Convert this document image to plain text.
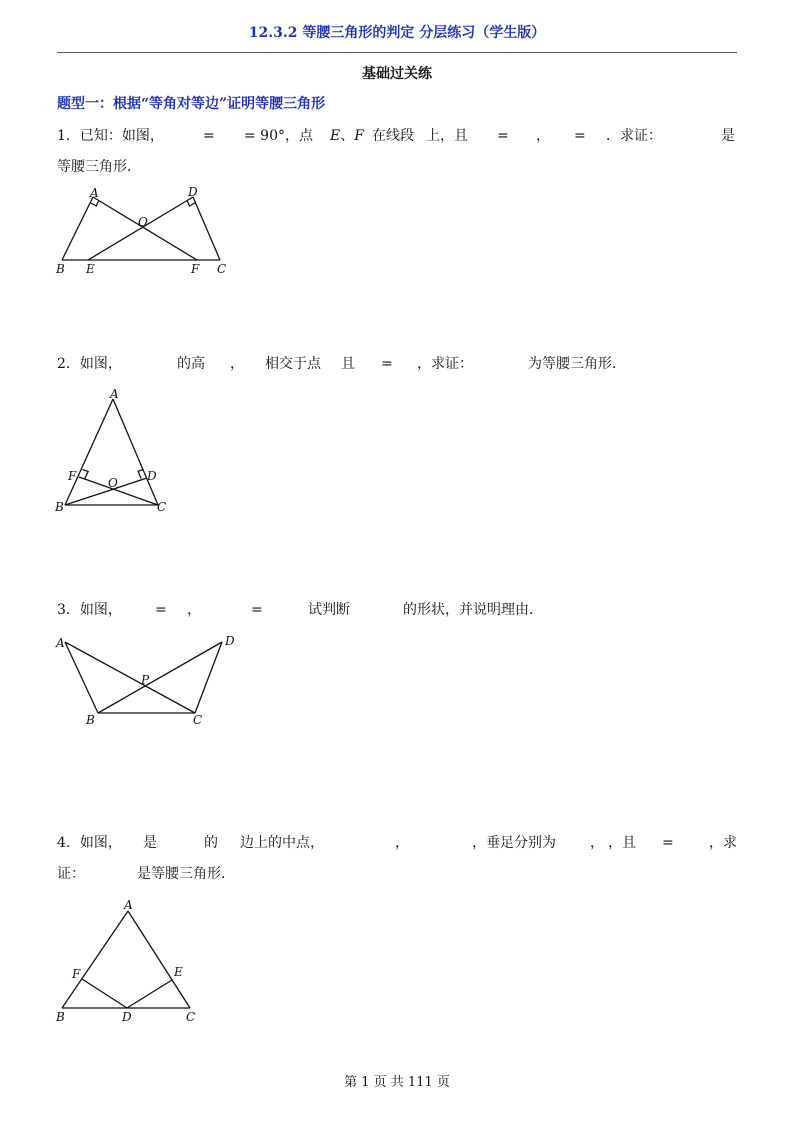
12.3.2 等腰三角形的判定 分层练习（学生版）
基础过关练
题型一：根据“等角对等边”证明等腰三角形
1．已知：如图，	= = 90°，点 E、F 在线段 上，且 = ， = ．求证：	是
等腰三角形．
A	D
O
B E	F C
2．如图，	的高 ， 相交于点 且 = ，求证：	为等腰三角形．
A
F	D
O
B	C
3．如图， = ，	=	试判断	的形状，并说明理由．
A	D
P
B	C
4．如图， 是	的 边上的中点，	，	，垂足分别为 ， ，且 =	，求
证：	是等腰三角形．
A
F	E
B	D	C
第 1 页 共 111 页
